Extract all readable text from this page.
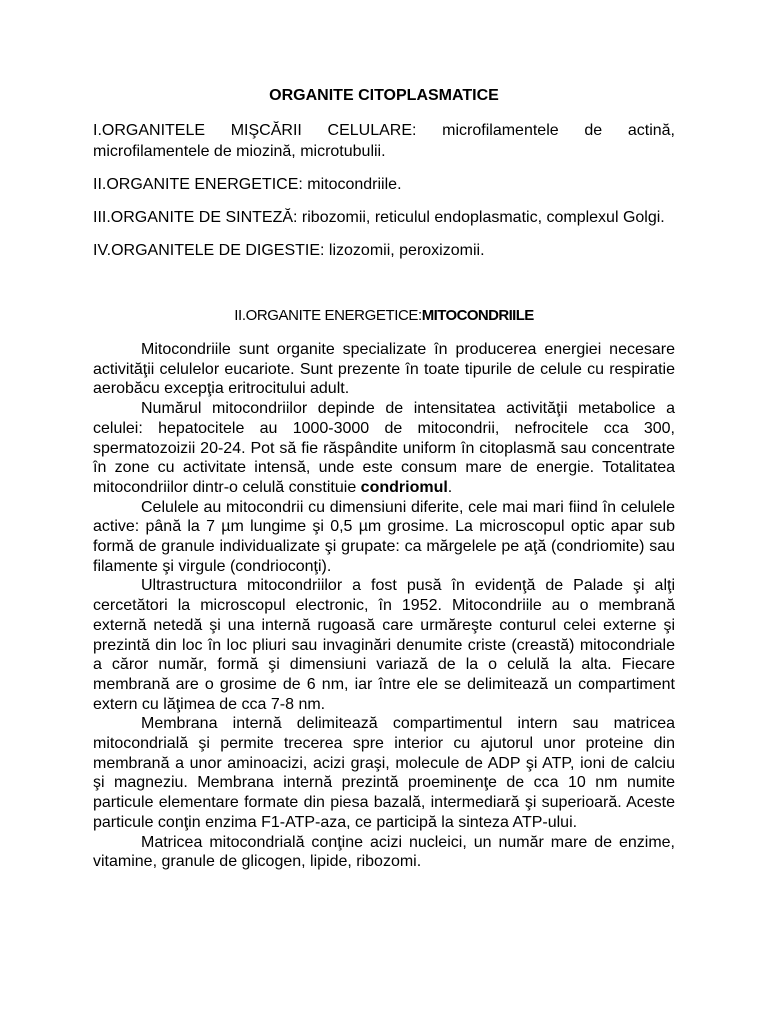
ORGANITE CITOPLASMATICE

I.ORGANITELE MIŞCĂRII CELULARE: microfilamentele de actină, microfilamentele de miozină, microtubulii.

II.ORGANITE ENERGETICE: mitocondriile.

III.ORGANITE DE SINTEZĂ: ribozomii, reticulul endoplasmatic, complexul Golgi.

IV.ORGANITELE DE DIGESTIE: lizozomii, peroxizomii.

II.ORGANITE ENERGETICE:MITOCONDRIILE

Mitocondriile sunt organite specializate în producerea energiei necesare activităţii celulelor eucariote. Sunt prezente în toate tipurile de celule cu respiratie aerobăcu excepţia eritrocitului adult.

Numărul mitocondriilor depinde de intensitatea activităţii metabolice a celulei: hepatocitele au 1000-3000 de mitocondrii, nefrocitele cca 300, spermatozoizii 20-24. Pot să fie răspândite uniform în citoplasmă sau concentrate în zone cu activitate intensă, unde este consum mare de energie. Totalitatea mitocondriilor dintr-o celulă constituie condriomul.

Celulele au mitocondrii cu dimensiuni diferite, cele mai mari fiind în celulele active: până la 7 µm lungime şi 0,5 µm grosime. La microscopul optic apar sub formă de granule individualizate şi grupate: ca mărgelele pe aţă (condriomite) sau filamente şi virgule (condrioconţi).

Ultrastructura mitocondriilor a fost pusă în evidenţă de Palade şi alţi cercetători la microscopul electronic, în 1952. Mitocondriile au o membrană externă netedă şi una internă rugoasă care urmăreşte conturul celei externe şi prezintă din loc în loc pliuri sau invaginări denumite criste (creastă) mitocondriale a căror număr, formă şi dimensiuni variază de la o celulă la alta. Fiecare membrană are o grosime de 6 nm, iar între ele se delimitează un compartiment extern cu lăţimea de cca 7-8 nm.

Membrana internă delimitează compartimentul intern sau matricea mitocondrială şi permite trecerea spre interior cu ajutorul unor proteine din membrană a unor aminoacizi, acizi graşi, molecule de ADP şi ATP, ioni de calciu şi magneziu. Membrana internă prezintă proeminenţe de cca 10 nm numite particule elementare formate din piesa bazală, intermediară şi superioară. Aceste particule conţin enzima F1-ATP-aza, ce participă la sinteza ATP-ului.

Matricea mitocondrială conţine acizi nucleici, un număr mare de enzime, vitamine, granule de glicogen, lipide, ribozomi.
